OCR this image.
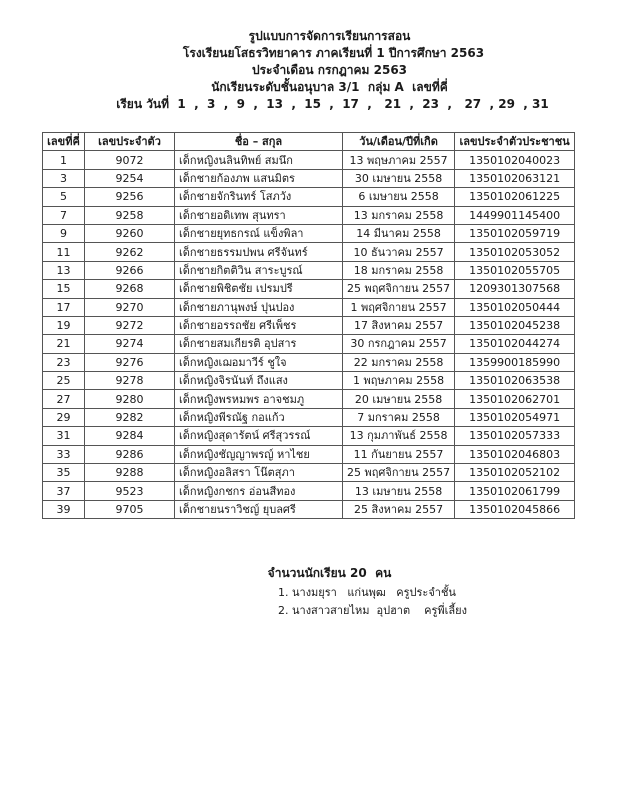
รูปแบบการจัดการเรียนการสอน
โรงเรียนยโสธรวิทยาคาร ภาคเรียนที่ 1 ปีการศึกษา 2563
ประจำเดือน กรกฎาคม 2563
นักเรียนระดับชั้นอนุบาล 3/1  กลุ่ม A  เลขที่คี่
เรียน วันที่  1  ,  3  ,  9  ,  13  ,  15  ,  17  ,   21  ,  23  ,   27  , 29  , 31
เลขที่คี่	เลขประจำตัว	ชื่อ – สกุล	วัน/เดือน/ปีที่เกิด	เลขประจำตัวประชาชน
1	9072	เด็กหญิงนลินทิพย์ สมนึก	13 พฤษภาคม 2557	1350102040023
3	9254	เด็กชายก้องภพ แสนมิตร	30 เมษายน 2558	1350102063121
5	9256	เด็กชายจักรินทร์ โสภวัง	6 เมษายน 2558	1350102061225
7	9258	เด็กชายอดิเทพ สุนทรา	13 มกราคม 2558	1449901145400
9	9260	เด็กชายยุทธกรณ์ แข็งพิลา	14 มีนาคม 2558	1350102059719
11	9262	เด็กชายธรรมปพน ศรีจันทร์	10 ธันวาคม 2557	1350102053052
13	9266	เด็กชายกิตติวิน สาระบูรณ์	18 มกราคม 2558	1350102055705
15	9268	เด็กชายพิชิตชัย เปรมปรี	25 พฤศจิกายน 2557	1209301307568
17	9270	เด็กชายภานุพงษ์ ปุนปอง	1 พฤศจิกายน 2557	1350102050444
19	9272	เด็กชายอรรถชัย ศรีเพ็ชร	17 สิงหาคม 2557	1350102045238
21	9274	เด็กชายสมเกียรติ อุปสาร	30 กรกฎาคม 2557	1350102044274
23	9276	เด็กหญิงเฌอมาวีร์ ชูใจ	22 มกราคม 2558	1359900185990
25	9278	เด็กหญิงจิรนันท์ ถึงแสง	1 พฤษภาคม 2558	1350102063538
27	9280	เด็กหญิงพรหมพร อาจชมภู	20 เมษายน 2558	1350102062701
29	9282	เด็กหญิงพีรณัฐ กอแก้ว	7 มกราคม 2558	1350102054971
31	9284	เด็กหญิงสุดารัตน์ ศรีสุวรรณ์	13 กุมภาพันธ์ 2558	1350102057333
33	9286	เด็กหญิงชัญญาพรญ์ หาไชย	11 กันยายน 2557	1350102046803
35	9288	เด็กหญิงอลิสรา โน๊ตสุภา	25 พฤศจิกายน 2557	1350102052102
37	9523	เด็กหญิงกชกร อ่อนสีทอง	13 เมษายน 2558	1350102061799
39	9705	เด็กชายนราวิชญ์ ยุบลศรี	25 สิงหาคม 2557	1350102045866
จำนวนนักเรียน 20  คน
1. นางมยุรา   แก่นพุฒ   ครูประจำชั้น
2. นางสาวสายไหม  อุปฮาต    ครูพี่เลี้ยง
